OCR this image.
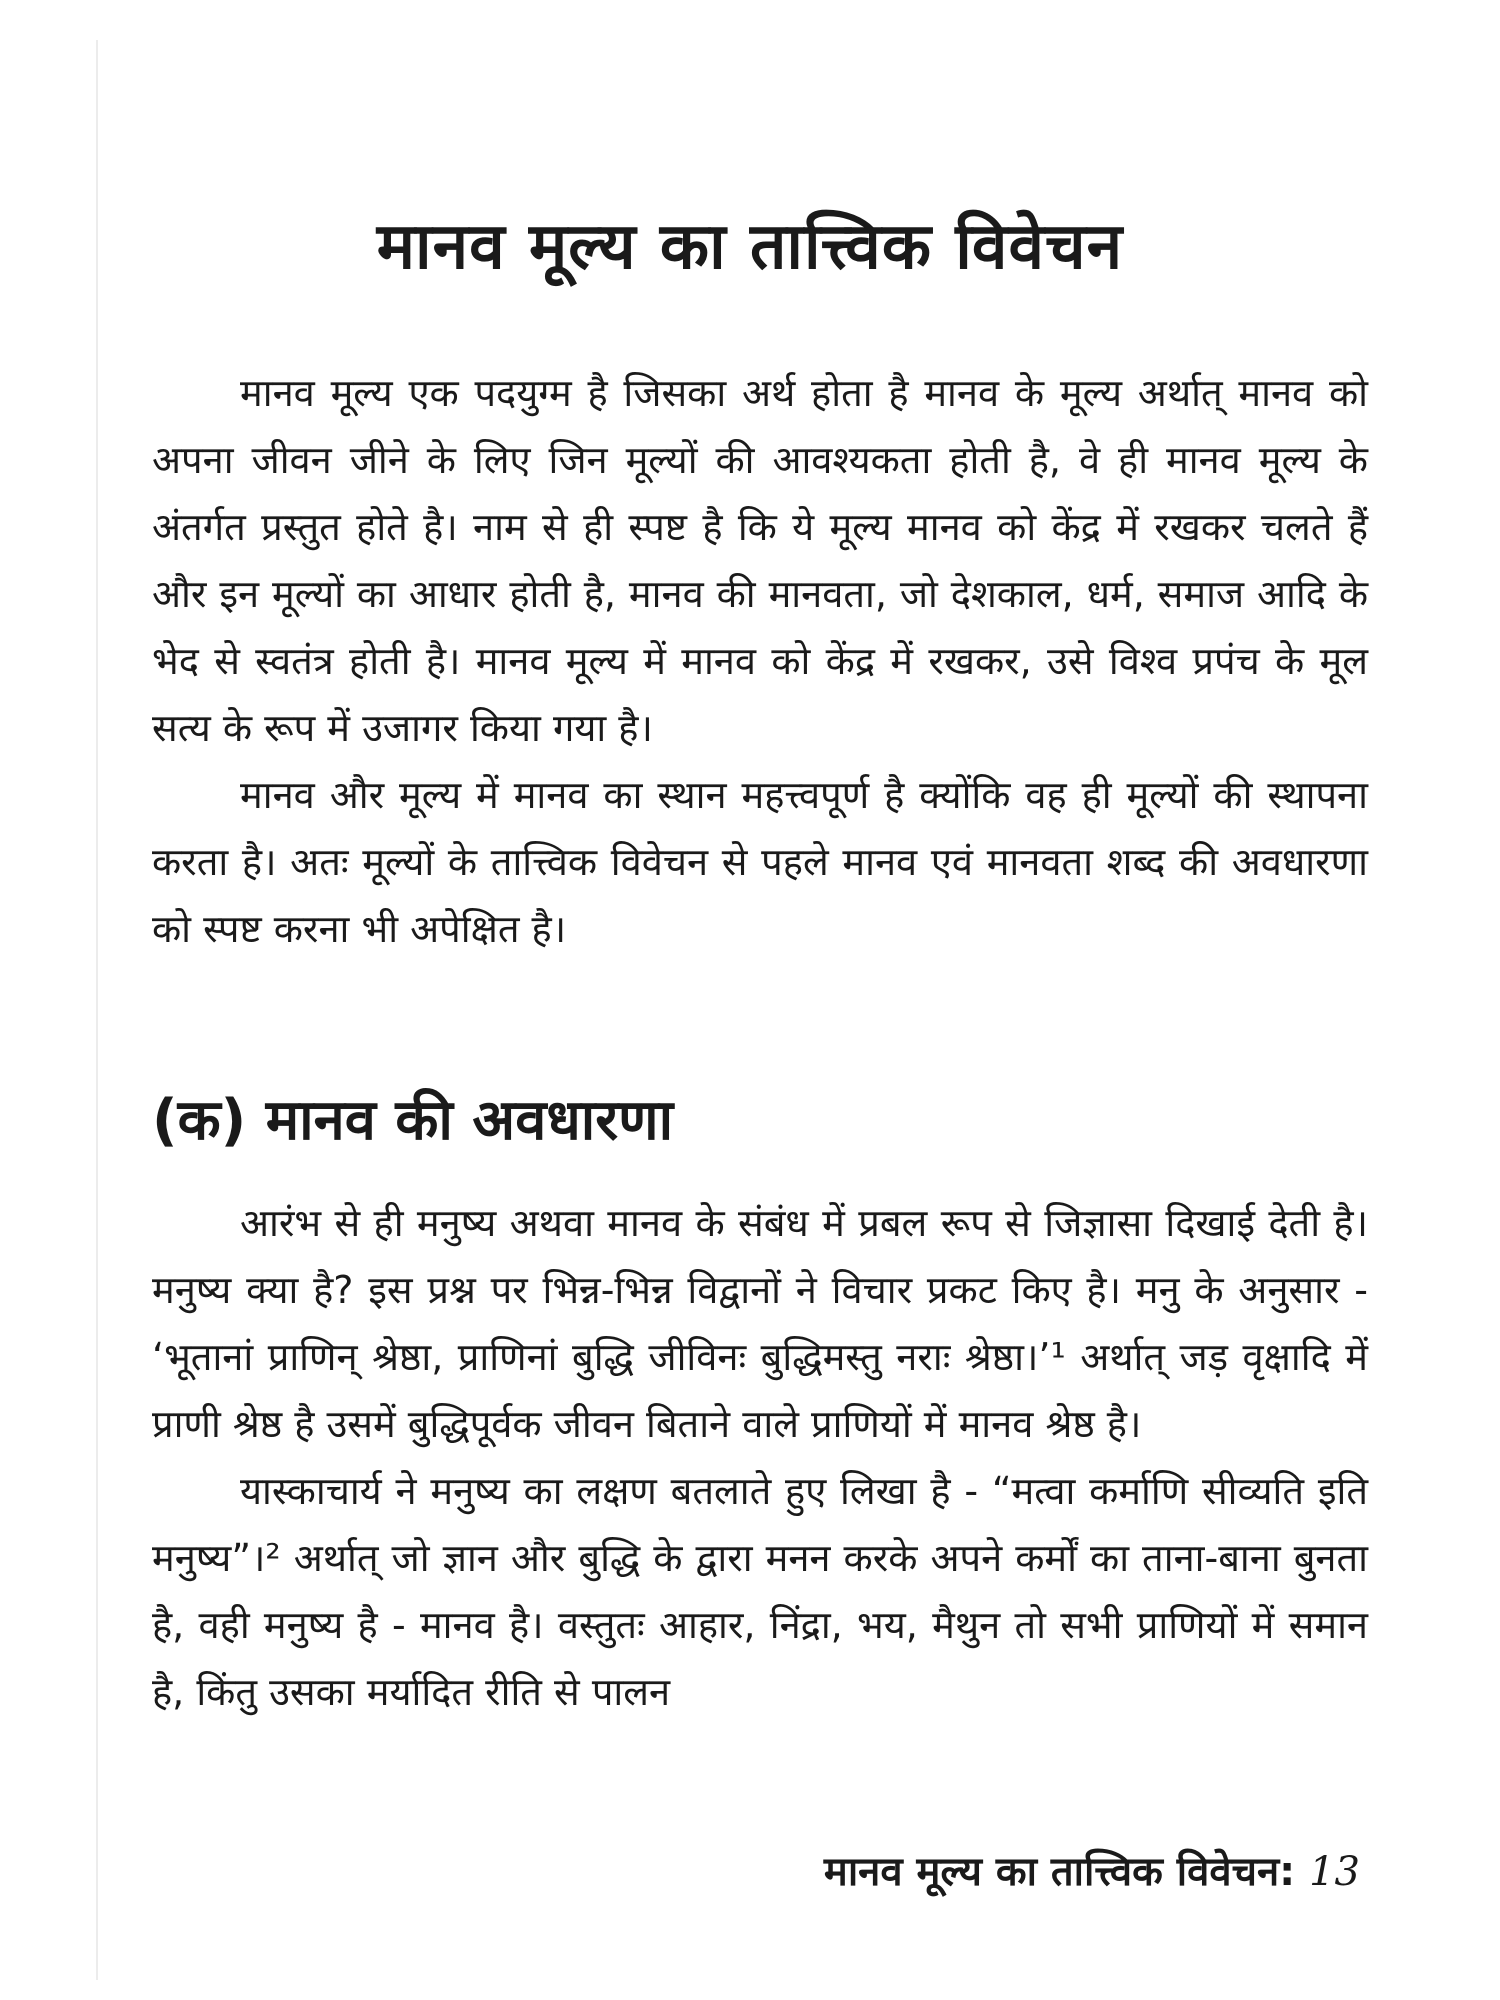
मानव मूल्य का तात्त्विक विवेचन

मानव मूल्य एक पदयुग्म है जिसका अर्थ होता है मानव के मूल्य अर्थात् मानव को अपना जीवन जीने के लिए जिन मूल्यों की आवश्यकता होती है, वे ही मानव मूल्य के अंतर्गत प्रस्तुत होते है। नाम से ही स्पष्ट है कि ये मूल्य मानव को केंद्र में रखकर चलते हैं और इन मूल्यों का आधार होती है, मानव की मानवता, जो देशकाल, धर्म, समाज आदि के भेद से स्वतंत्र होती है। मानव मूल्य में मानव को केंद्र में रखकर, उसे विश्व प्रपंच के मूल सत्य के रूप में उजागर किया गया है।

मानव और मूल्य में मानव का स्थान महत्त्वपूर्ण है क्योंकि वह ही मूल्यों की स्थापना करता है। अतः मूल्यों के तात्त्विक विवेचन से पहले मानव एवं मानवता शब्द की अवधारणा को स्पष्ट करना भी अपेक्षित है।

(क) मानव की अवधारणा

आरंभ से ही मनुष्य अथवा मानव के संबंध में प्रबल रूप से जिज्ञासा दिखाई देती है। मनुष्य क्या है? इस प्रश्न पर भिन्न-भिन्न विद्वानों ने विचार प्रकट किए है। मनु के अनुसार - ‘भूतानां प्राणिन् श्रेष्ठा, प्राणिनां बुद्धि जीविनः बुद्धिमस्तु नराः श्रेष्ठा।’¹ अर्थात् जड़ वृक्षादि में प्राणी श्रेष्ठ है उसमें बुद्धिपूर्वक जीवन बिताने वाले प्राणियों में मानव श्रेष्ठ है।

यास्काचार्य ने मनुष्य का लक्षण बतलाते हुए लिखा है - “मत्वा कर्माणि सीव्यति इति मनुष्य”।² अर्थात् जो ज्ञान और बुद्धि के द्वारा मनन करके अपने कर्मों का ताना-बाना बुनता है, वही मनुष्य है - मानव है। वस्तुतः आहार, निंद्रा, भय, मैथुन तो सभी प्राणियों में समान है, किंतु उसका मर्यादित रीति से पालन

मानव मूल्य का तात्त्विक विवेचन: 13
